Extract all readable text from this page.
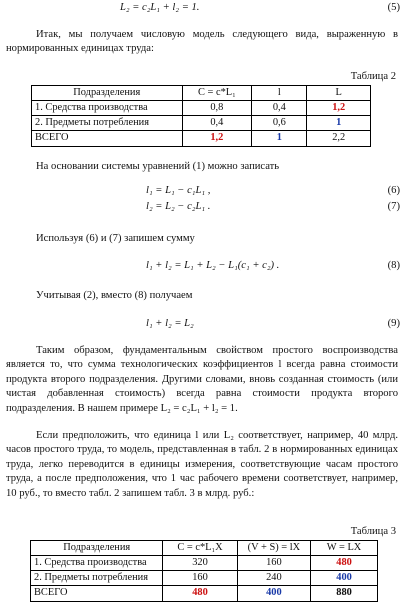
L₂ = c₂L₁ + l₂ = 1.	(5)
Итак, мы получаем числовую модель следующего вида, выраженную в нормированных единицах труда:
Таблица 2
Подразделения	C = c*L₁	l	L
1. Средства производства	0,8	0,4	1,2
2. Предметы потребления	0,4	0,6	1
ВСЕГО	1,2	1	2,2
На основании системы уравнений (1) можно записать
l₁ = L₁ − c₁L₁ ,	(6)
l₂ = L₂ − c₂L₁ .	(7)
Используя (6) и (7) запишем сумму
l₁ + l₂ = L₁ + L₂ − L₁(c₁ + c₂) .	(8)
Учитывая (2), вместо (8) получаем
l₁ + l₂ = L₂	(9)
Таким образом, фундаментальным свойством простого воспроизводства является то, что сумма технологических коэффициентов l всегда равна стоимости продукта второго подразделения. Другими словами, вновь созданная стоимость (или чистая добавленная стоимость) всегда равна стоимости продукта второго подразделения. В нашем примере L₂ = c₂L₁ + l₂ = 1.
Если предположить, что единица l или L₂ соответствует, например, 40 млрд. часов простого труда, то модель, представленная в табл. 2 в нормированных единицах труда, легко переводится в единицы измерения, соответствующие часам простого труда, а после предположения, что 1 час рабочего времени соответствует, например, 10 руб., то вместо табл. 2 запишем табл. 3 в млрд. руб.:
Таблица 3
Подразделения	C = c*L₁X	(V + S) = lX	W = LX
1. Средства производства	320	160	480
2. Предметы потребления	160	240	400
ВСЕГО	480	400	880
